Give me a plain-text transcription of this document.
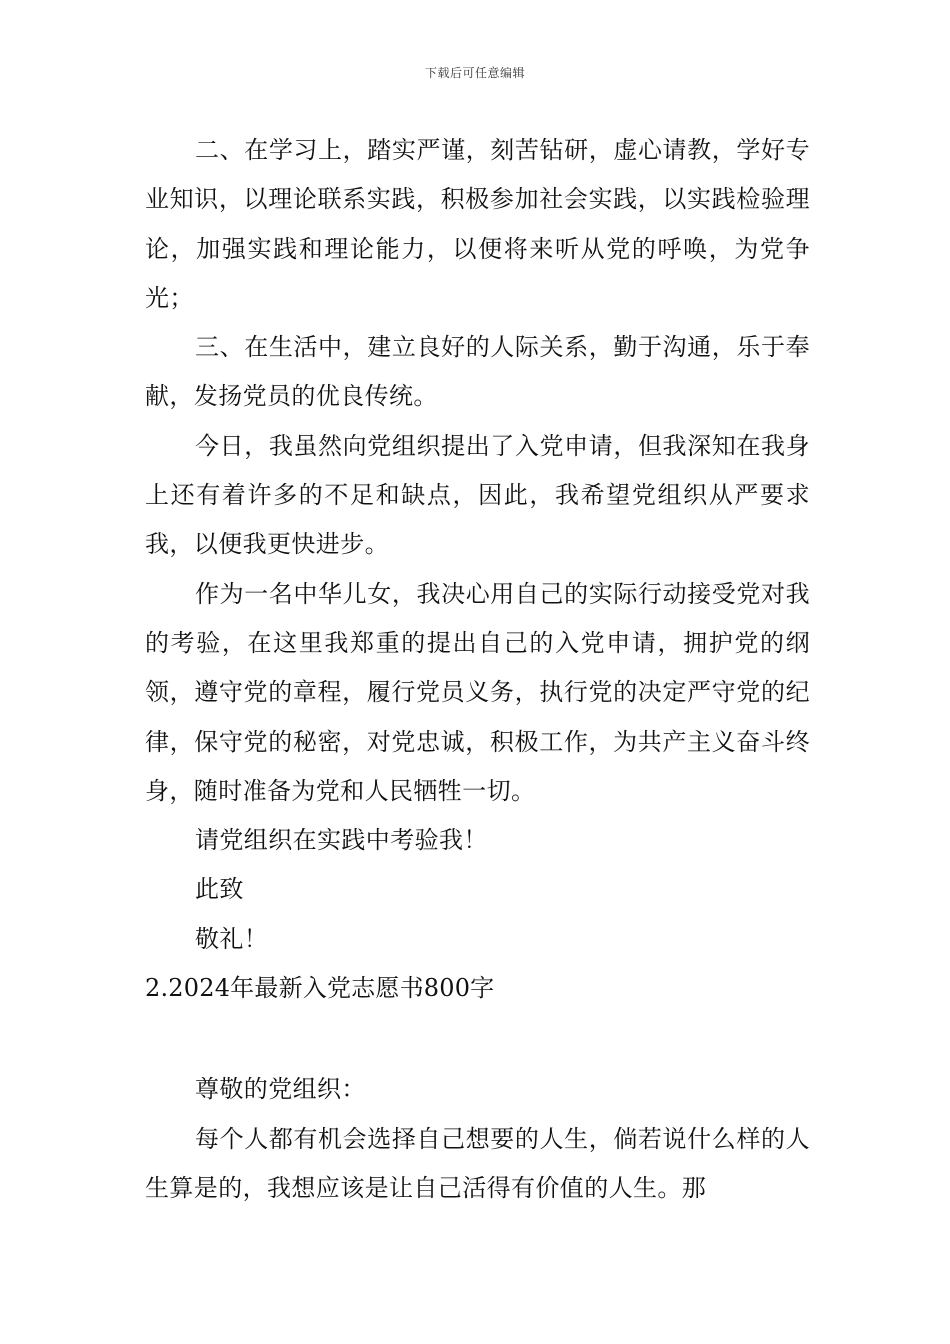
下载后可任意编辑

二、在学习上，踏实严谨，刻苦钻研，虚心请教，学好专业知识，以理论联系实践，积极参加社会实践，以实践检验理论，加强实践和理论能力，以便将来听从党的呼唤，为党争光；

三、在生活中，建立良好的人际关系，勤于沟通，乐于奉献，发扬党员的优良传统。

今日，我虽然向党组织提出了入党申请，但我深知在我身上还有着许多的不足和缺点，因此，我希望党组织从严要求我，以便我更快进步。

作为一名中华儿女，我决心用自己的实际行动接受党对我的考验，在这里我郑重的提出自己的入党申请，拥护党的纲领，遵守党的章程，履行党员义务，执行党的决定严守党的纪律，保守党的秘密，对党忠诚，积极工作，为共产主义奋斗终身，随时准备为党和人民牺牲一切。

请党组织在实践中考验我！

此致

敬礼！

2.2024年最新入党志愿书800字

尊敬的党组织：

每个人都有机会选择自己想要的人生，倘若说什么样的人生算是的，我想应该是让自己活得有价值的人生。那
